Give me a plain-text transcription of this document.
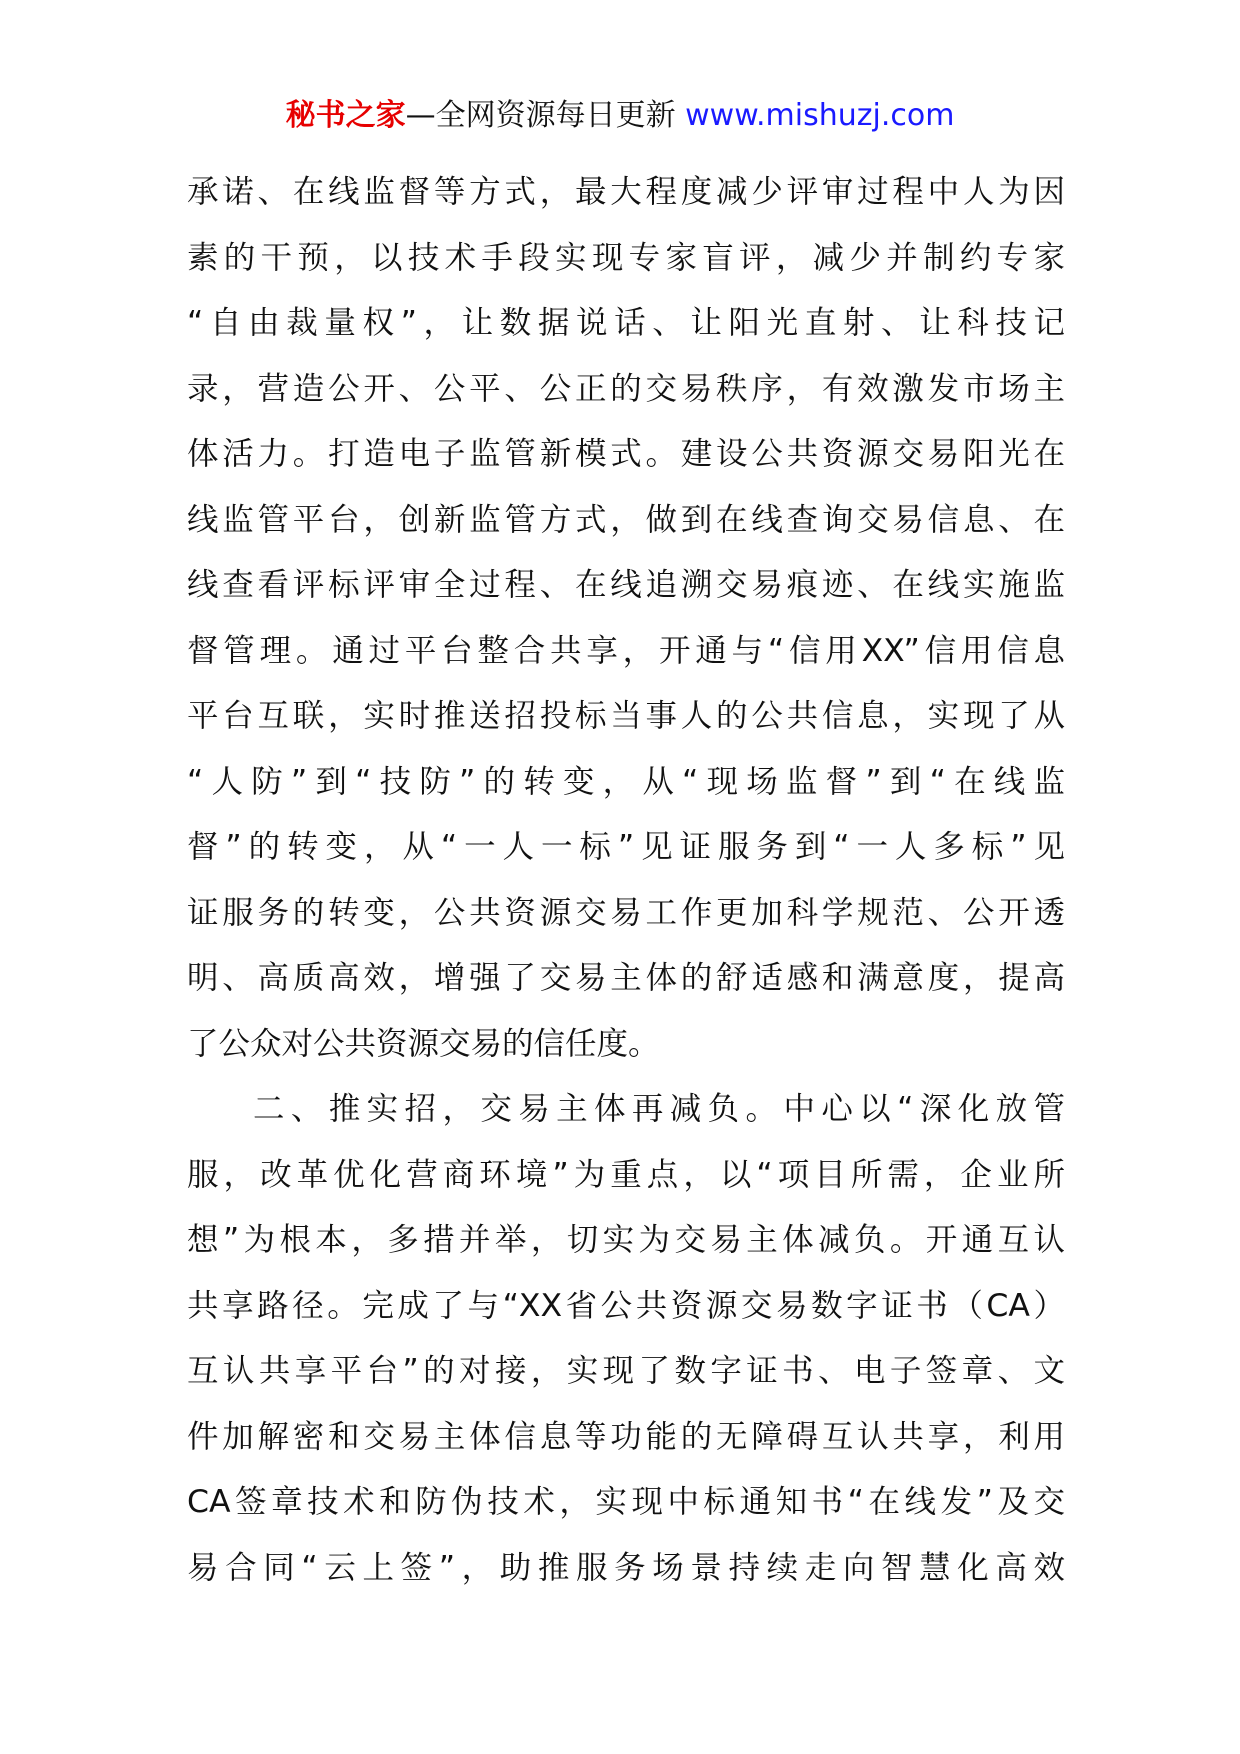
秘书之家—全网资源每日更新 www.mishuzj.com
承诺、在线监督等方式，最大程度减少评审过程中人为因
素的干预，以技术手段实现专家盲评，减少并制约专家
“自由裁量权”，让数据说话、让阳光直射、让科技记
录，营造公开、公平、公正的交易秩序，有效激发市场主
体活力。打造电子监管新模式。建设公共资源交易阳光在
线监管平台，创新监管方式，做到在线查询交易信息、在
线查看评标评审全过程、在线追溯交易痕迹、在线实施监
督管理。通过平台整合共享，开通与“信用XX”信用信息
平台互联，实时推送招投标当事人的公共信息，实现了从
“人防”到“技防”的转变，从“现场监督”到“在线监
督”的转变，从“一人一标”见证服务到“一人多标”见
证服务的转变，公共资源交易工作更加科学规范、公开透
明、高质高效，增强了交易主体的舒适感和满意度，提高
了公众对公共资源交易的信任度。
二、推实招，交易主体再减负。中心以“深化放管
服，改革优化营商环境”为重点，以“项目所需，企业所
想”为根本，多措并举，切实为交易主体减负。开通互认
共享路径。完成了与“XX省公共资源交易数字证书（CA）
互认共享平台”的对接，实现了数字证书、电子签章、文
件加解密和交易主体信息等功能的无障碍互认共享，利用
CA签章技术和防伪技术，实现中标通知书“在线发”及交
易合同“云上签”，助推服务场景持续走向智慧化高效
